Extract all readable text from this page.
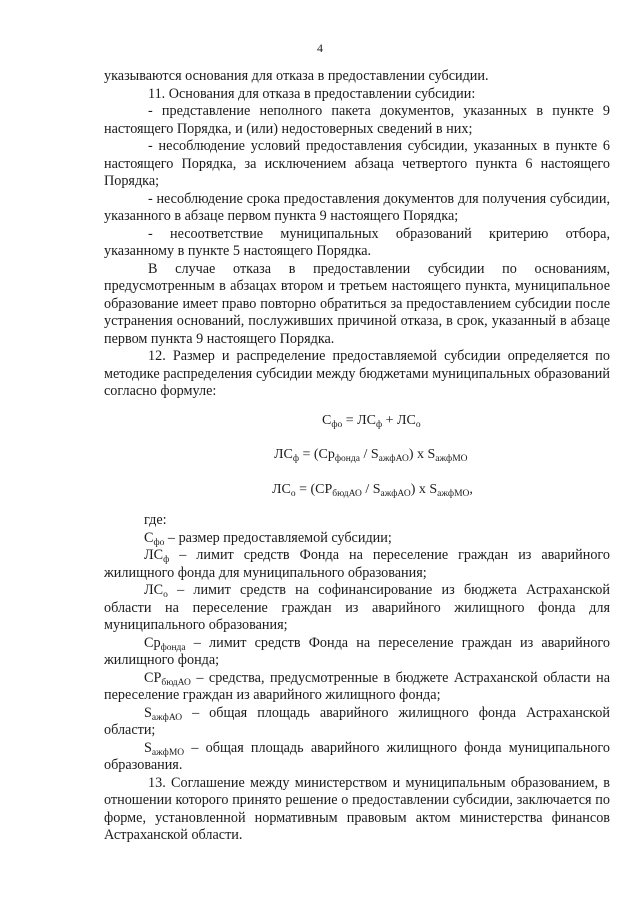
4

указываются основания для отказа в предоставлении субсидии.

11. Основания для отказа в предоставлении субсидии:

- представление неполного пакета документов, указанных в пункте 9 настоящего Порядка, и (или) недостоверных сведений в них;

- несоблюдение условий предоставления субсидии, указанных в пункте 6 настоящего Порядка, за исключением абзаца четвертого пункта 6 настоящего Порядка;

- несоблюдение срока предоставления документов для получения субсидии, указанного в абзаце первом пункта 9 настоящего Порядка;

- несоответствие муниципальных образований критерию отбора, указанному в пункте 5 настоящего Порядка.

В случае отказа в предоставлении субсидии по основаниям, предусмотренным в абзацах втором и третьем настоящего пункта, муниципальное образование имеет право повторно обратиться за предоставлением субсидии после устранения оснований, послуживших причиной отказа, в срок, указанный в абзаце первом пункта 9 настоящего Порядка.

12. Размер и распределение предоставляемой субсидии определяется по методике распределения субсидии между бюджетами муниципальных образований согласно формуле:

$С_{фо} = ЛС_ф + ЛС_о$
$ЛС_ф = (Ср_{фонда} / S_{ажфАО})$ x $S_{ажфМО}$
$ЛС_о = (СР_{бюдАО} / S_{ажфАО})$ x $S_{ажфМО}$,

где:

$С_{фо}$ – размер предоставляемой субсидии;

$ЛС_ф$ – лимит средств Фонда на переселение граждан из аварийного жилищного фонда для муниципального образования;

$ЛС_о$ – лимит средств на софинансирование из бюджета Астраханской области на переселение граждан из аварийного жилищного фонда для муниципального образования;

$Ср_{фонда}$ – лимит средств Фонда на переселение граждан из аварийного жилищного фонда;

$СР_{бюдАО}$ – средства, предусмотренные в бюджете Астраханской области на переселение граждан из аварийного жилищного фонда;

$S_{ажфАО}$ – общая площадь аварийного жилищного фонда Астраханской области;

$S_{ажфМО}$ – общая площадь аварийного жилищного фонда муниципального образования.

13. Соглашение между министерством и муниципальным образованием, в отношении которого принято решение о предоставлении субсидии, заключается по форме, установленной нормативным правовым актом министерства финансов Астраханской области.
